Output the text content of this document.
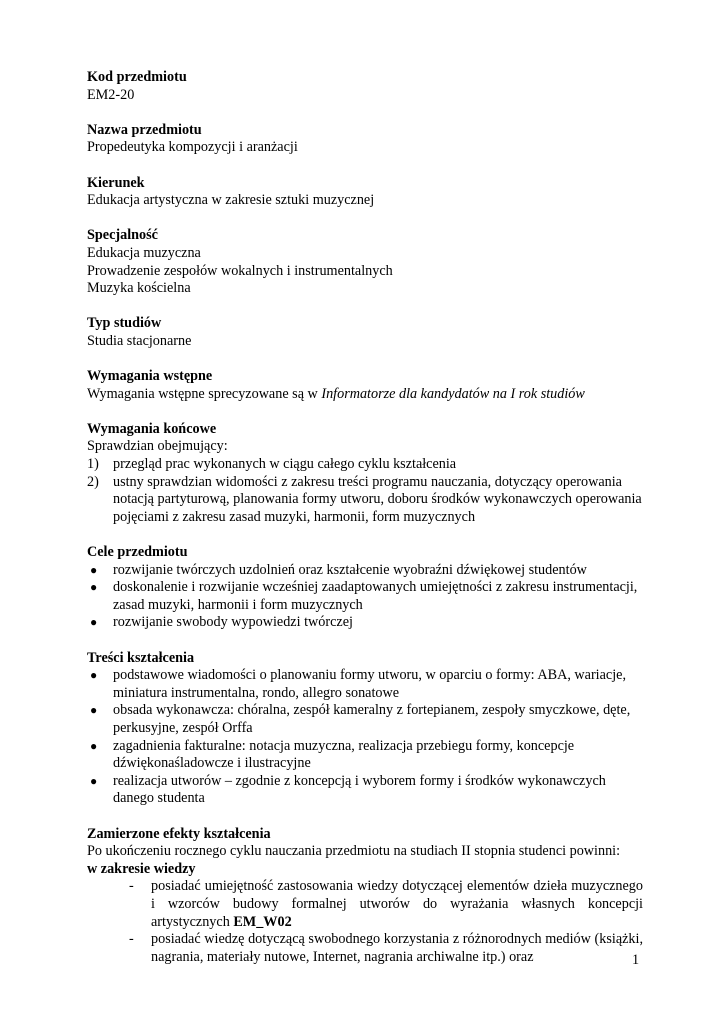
Kod przedmiotu
EM2-20
Nazwa przedmiotu
Propedeutyka kompozycji i aranżacji
Kierunek
Edukacja artystyczna w zakresie sztuki muzycznej
Specjalność
Edukacja muzyczna
Prowadzenie zespołów wokalnych i instrumentalnych
Muzyka kościelna
Typ studiów
Studia stacjonarne
Wymagania wstępne
Wymagania wstępne sprecyzowane są w Informatorze dla kandydatów na I rok studiów
Wymagania końcowe
Sprawdzian obejmujący:
1) przegląd prac wykonanych w ciągu całego cyklu kształcenia
2) ustny sprawdzian widomości z zakresu treści programu nauczania, dotyczący operowania notacją partyturową, planowania formy utworu, doboru środków wykonawczych operowania pojęciami z zakresu zasad muzyki, harmonii, form muzycznych
Cele przedmiotu
● rozwijanie twórczych uzdolnień oraz kształcenie wyobraźni dźwiękowej studentów
● doskonalenie i rozwijanie wcześniej zaadaptowanych umiejętności z zakresu instrumentacji, zasad muzyki, harmonii i form muzycznych
● rozwijanie swobody wypowiedzi twórczej
Treści kształcenia
● podstawowe wiadomości o planowaniu formy utworu, w oparciu o formy: ABA, wariacje, miniatura instrumentalna, rondo, allegro sonatowe
● obsada wykonawcza: chóralna, zespół kameralny z fortepianem, zespoły smyczkowe, dęte, perkusyjne, zespół Orffa
● zagadnienia fakturalne: notacja muzyczna, realizacja przebiegu formy, koncepcje dźwiękonaśladowcze i ilustracyjne
● realizacja utworów – zgodnie z koncepcją i wyborem formy i środków wykonawczych danego studenta
Zamierzone efekty kształcenia
Po ukończeniu rocznego cyklu nauczania przedmiotu na studiach II stopnia studenci powinni:
w zakresie wiedzy
- posiadać umiejętność zastosowania wiedzy dotyczącej elementów dzieła muzycznego i wzorców budowy formalnej utworów do wyrażania własnych koncepcji artystycznych EM_W02
- posiadać wiedzę dotyczącą swobodnego korzystania z różnorodnych mediów (książki, nagrania, materiały nutowe, Internet, nagrania archiwalne itp.) oraz	1
